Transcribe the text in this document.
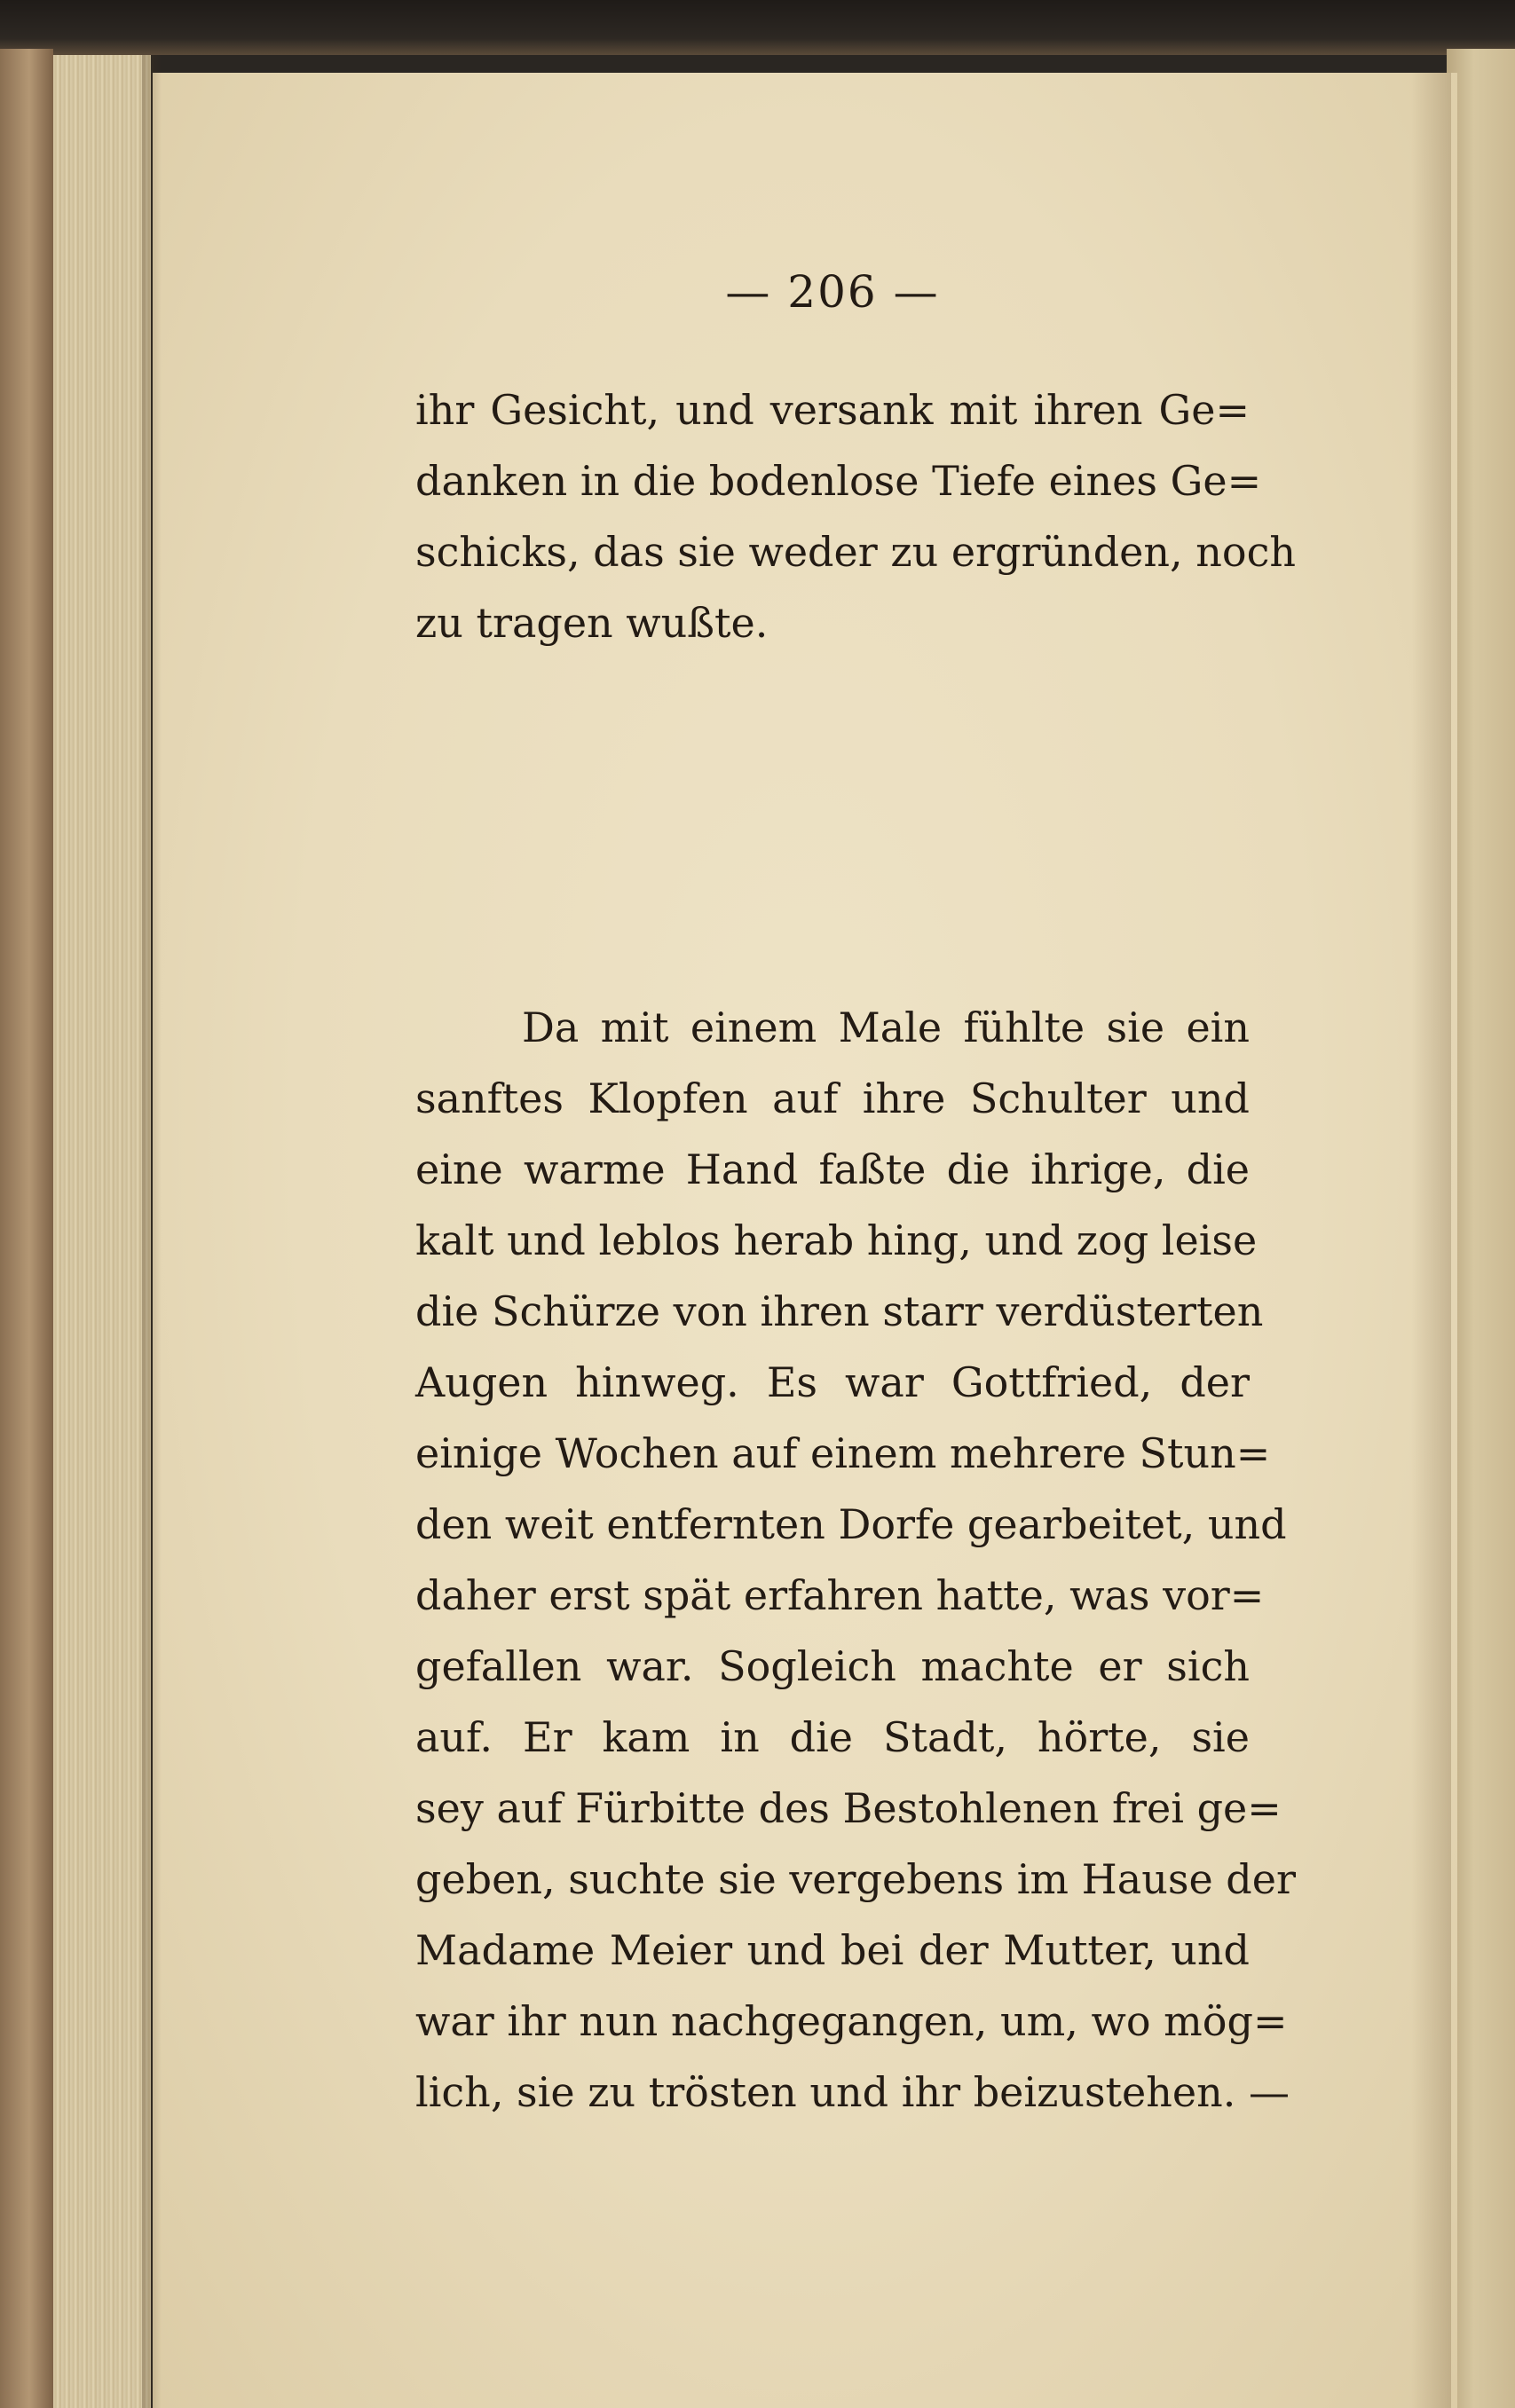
— 206 —

ihr Gesicht, und versank mit ihren Ge=
danken in die bodenlose Tiefe eines Ge=
schicks, das sie weder zu ergründen, noch
zu tragen wußte.

Da mit einem Male fühlte sie ein
sanftes Klopfen auf ihre Schulter und
eine warme Hand faßte die ihrige, die
kalt und leblos herab hing, und zog leise
die Schürze von ihren starr verdüsterten
Augen hinweg. Es war Gottfried, der
einige Wochen auf einem mehrere Stun=
den weit entfernten Dorfe gearbeitet, und
daher erst spät erfahren hatte, was vor=
gefallen war. Sogleich machte er sich
auf. Er kam in die Stadt, hörte, sie
sey auf Fürbitte des Bestohlenen frei ge=
geben, suchte sie vergebens im Hause der
Madame Meier und bei der Mutter, und
war ihr nun nachgegangen, um, wo mög=
lich, sie zu trösten und ihr beizustehen. —
